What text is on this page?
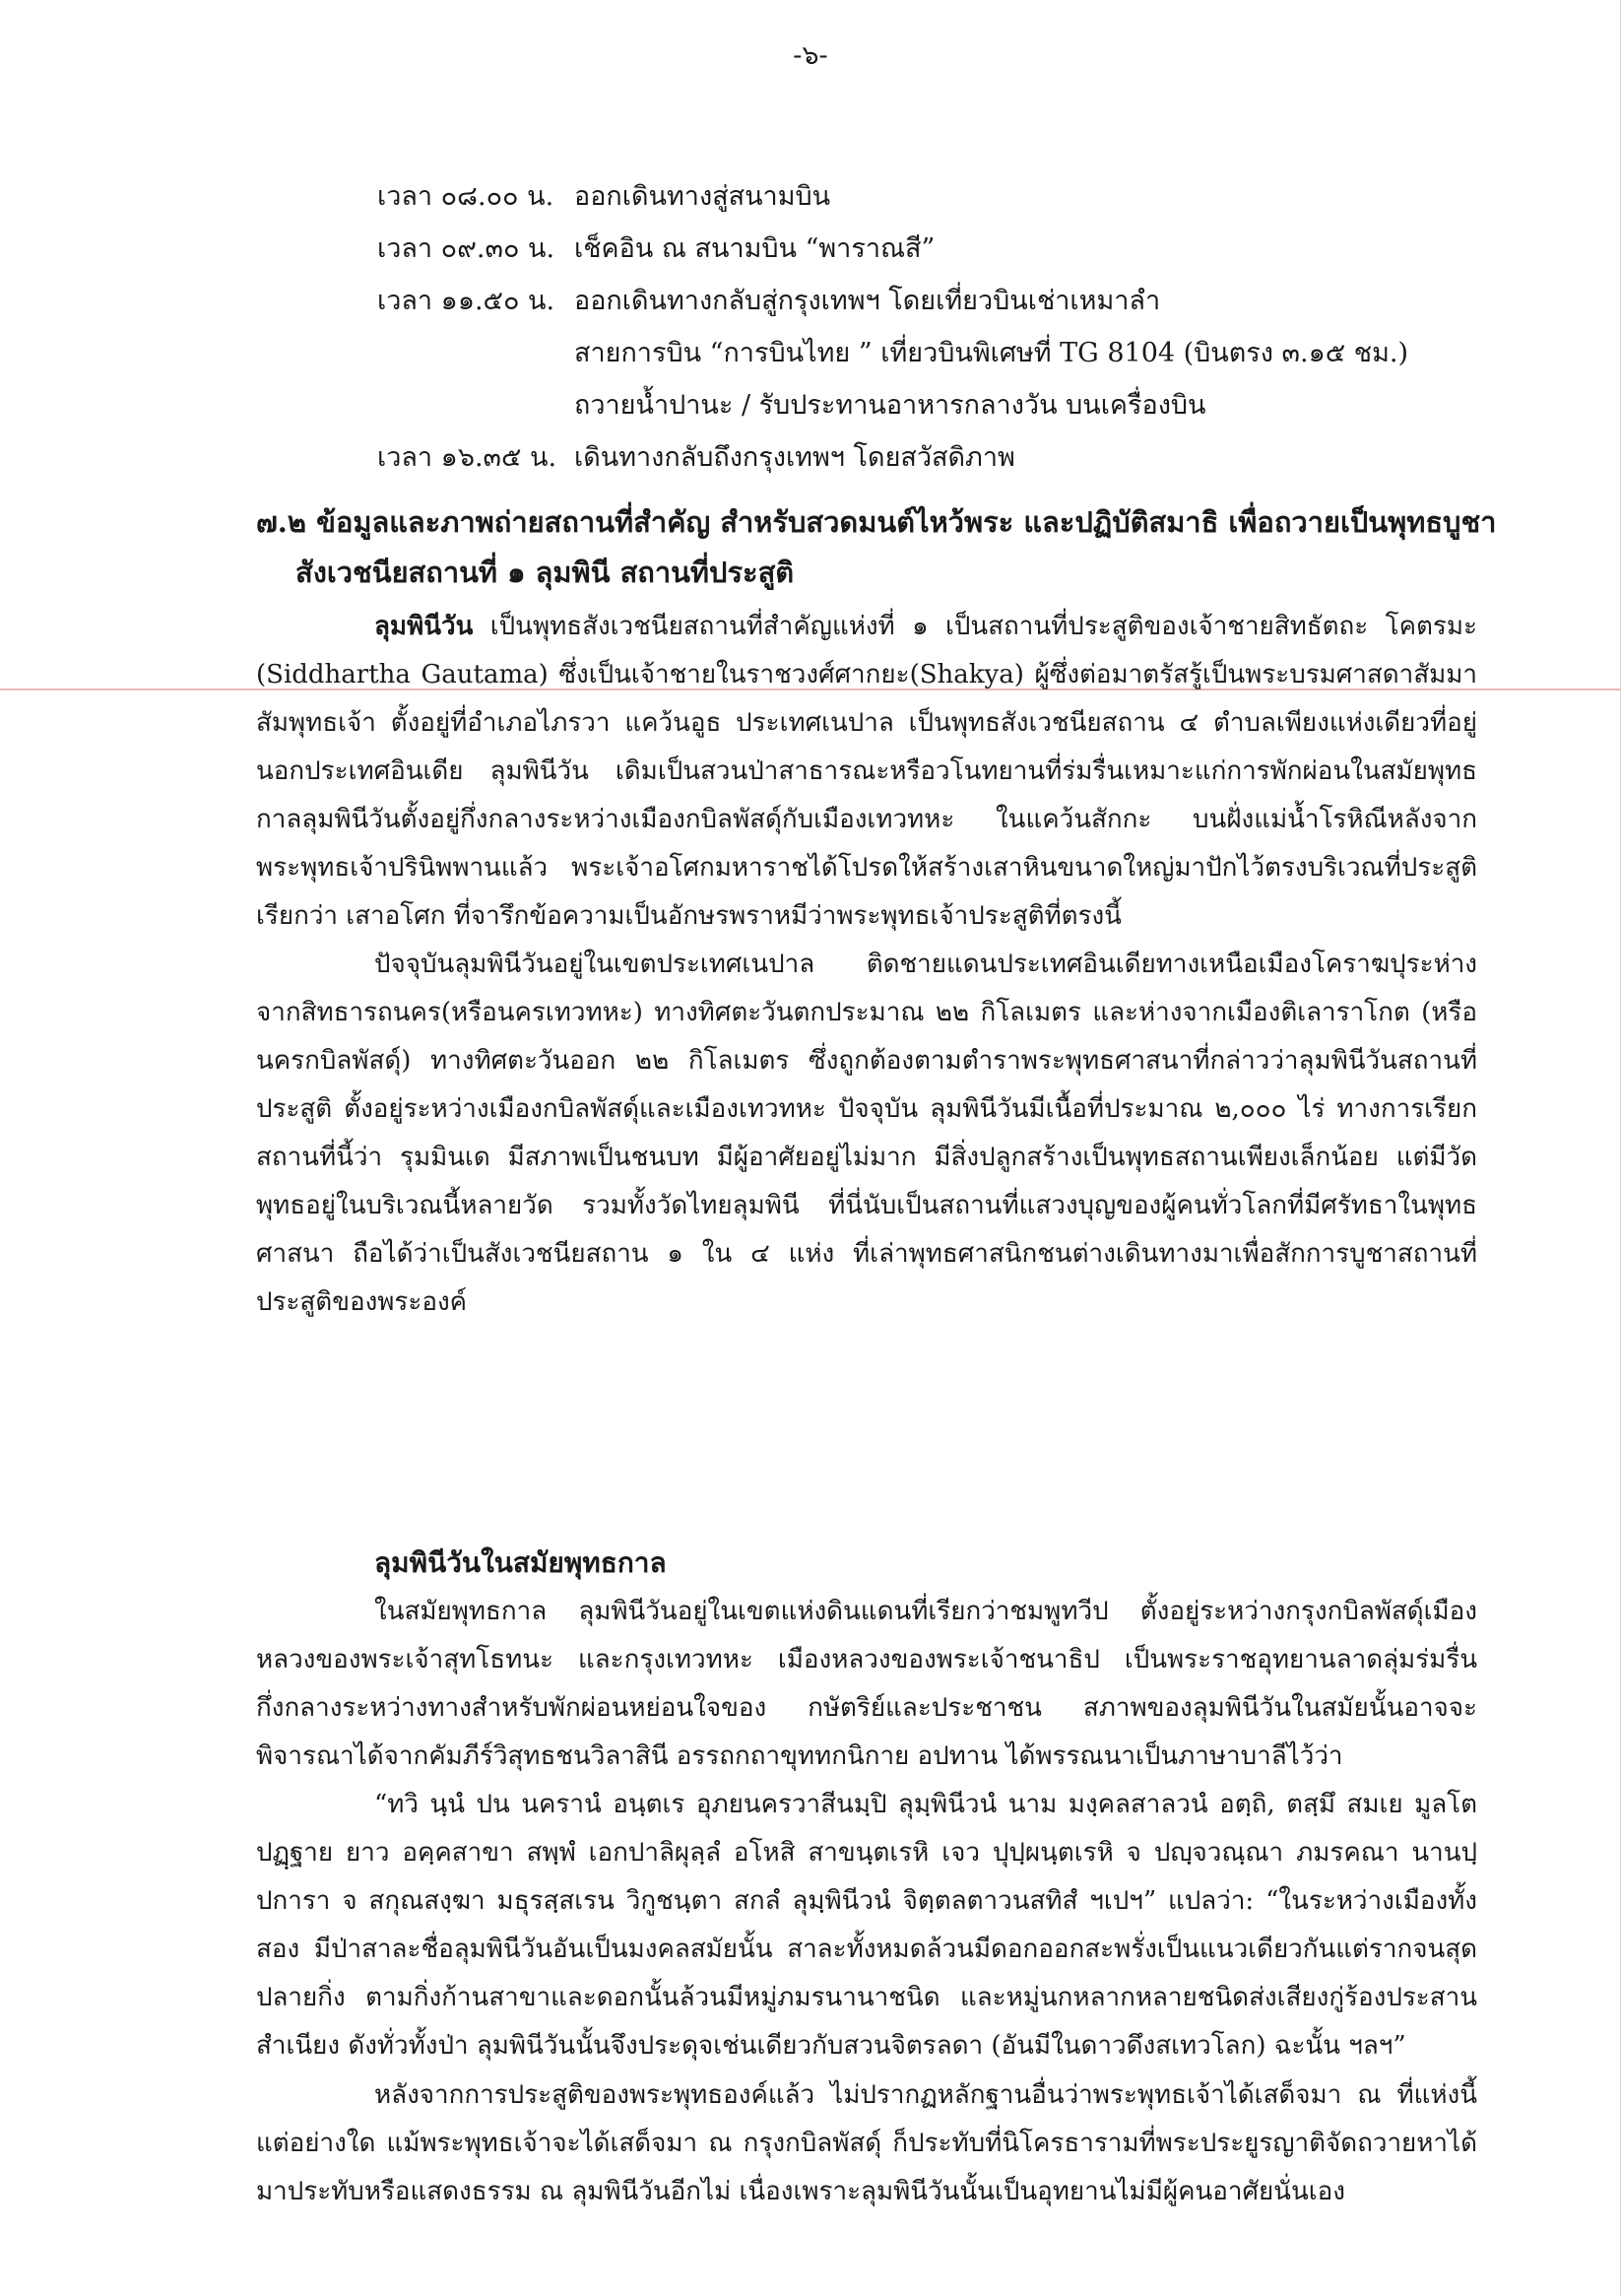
-๖-
เวลา ๐๘.๐๐ น. ออกเดินทางสู่สนามบิน
เวลา ๐๙.๓๐ น. เช็คอิน ณ สนามบิน “พาราณสี”
เวลา ๑๑.๕๐ น. ออกเดินทางกลับสู่กรุงเทพฯ โดยเที่ยวบินเช่าเหมาลำ
สายการบิน “การบินไทย ” เที่ยวบินพิเศษที่ TG 8104 (บินตรง ๓.๑๕ ชม.)
ถวายน้ำปานะ / รับประทานอาหารกลางวัน บนเครื่องบิน
เวลา ๑๖.๓๕ น. เดินทางกลับถึงกรุงเทพฯ โดยสวัสดิภาพ
๗.๒ ข้อมูลและภาพถ่ายสถานที่สำคัญ สำหรับสวดมนต์ไหว้พระ และปฏิบัติสมาธิ เพื่อถวายเป็นพุทธบูชา
สังเวชนียสถานที่ ๑ ลุมพินี สถานที่ประสูติ
ลุมพินีวัน เป็นพุทธสังเวชนียสถานที่สำคัญแห่งที่ ๑ เป็นสถานที่ประสูติของเจ้าชายสิทธัตถะ โคตรมะ (Siddhartha Gautama) ซึ่งเป็นเจ้าชายในราชวงศ์ศากยะ(Shakya) ผู้ซึ่งต่อมาตรัสรู้เป็นพระบรมศาสดาสัมมาสัมพุทธเจ้า ตั้งอยู่ที่อำเภอไภรวา แคว้นอูธ ประเทศเนปาล เป็นพุทธสังเวชนียสถาน ๔ ตำบลเพียงแห่งเดียวที่อยู่นอกประเทศอินเดีย ลุมพินีวัน เดิมเป็นสวนป่าสาธารณะหรือวโนทยานที่ร่มรื่นเหมาะแก่การพักผ่อนในสมัยพุทธกาลลุมพินีวันตั้งอยู่กึ่งกลางระหว่างเมืองกบิลพัสดุ์กับเมืองเทวทหะ ในแคว้นสักกะ บนฝั่งแม่น้ำโรหิณีหลังจากพระพุทธเจ้าปรินิพพานแล้ว พระเจ้าอโศกมหาราชได้โปรดให้สร้างเสาหินขนาดใหญ่มาปักไว้ตรงบริเวณที่ประสูติ เรียกว่า เสาอโศก ที่จารึกข้อความเป็นอักษรพราหมีว่าพระพุทธเจ้าประสูติที่ตรงนี้
ปัจจุบันลุมพินีวันอยู่ในเขตประเทศเนปาล ติดชายแดนประเทศอินเดียทางเหนือเมืองโคราฆปุระห่างจากสิทธารถนคร(หรือนครเทวทหะ) ทางทิศตะวันตกประมาณ ๒๒ กิโลเมตร และห่างจากเมืองติเลาราโกต (หรือนครกบิลพัสดุ์) ทางทิศตะวันออก ๒๒ กิโลเมตร ซึ่งถูกต้องตามตำราพระพุทธศาสนาที่กล่าวว่าลุมพินีวันสถานที่ประสูติ ตั้งอยู่ระหว่างเมืองกบิลพัสดุ์และเมืองเทวทหะ ปัจจุบัน ลุมพินีวันมีเนื้อที่ประมาณ ๒,๐๐๐ ไร่ ทางการเรียกสถานที่นี้ว่า รุมมินเด มีสภาพเป็นชนบท มีผู้อาศัยอยู่ไม่มาก มีสิ่งปลูกสร้างเป็นพุทธสถานเพียงเล็กน้อย แต่มีวัดพุทธอยู่ในบริเวณนี้หลายวัด รวมทั้งวัดไทยลุมพินี ที่นี่นับเป็นสถานที่แสวงบุญของผู้คนทั่วโลกที่มีศรัทธาในพุทธศาสนา ถือได้ว่าเป็นสังเวชนียสถาน ๑ ใน ๔ แห่ง ที่เล่าพุทธศาสนิกชนต่างเดินทางมาเพื่อสักการบูชาสถานที่ประสูติของพระองค์
ลุมพินีวันในสมัยพุทธกาล
ในสมัยพุทธกาล ลุมพินีวันอยู่ในเขตแห่งดินแดนที่เรียกว่าชมพูทวีป ตั้งอยู่ระหว่างกรุงกบิลพัสดุ์เมืองหลวงของพระเจ้าสุทโธทนะ และกรุงเทวทหะ เมืองหลวงของพระเจ้าชนาธิป เป็นพระราชอุทยานลาดลุ่มร่มรื่นกึ่งกลางระหว่างทางสำหรับพักผ่อนหย่อนใจของ กษัตริย์และประชาชน สภาพของลุมพินีวันในสมัยนั้นอาจจะพิจารณาได้จากคัมภีร์วิสุทธชนวิลาสินี อรรถกถาขุททกนิกาย อปทาน ได้พรรณนาเป็นภาษาบาลีไว้ว่า
“ทวิ นฺนํ ปน นครานํ อนฺตเร อุภยนครวาสีนมฺปิ ลุมฺพินีวนํ นาม มงฺคลสาลวนํ อตฺถิ, ตสฺมึ สมเย มูลโต ปฏฺฐาย ยาว อคฺคสาขา สพฺพํ เอกปาลิผุลฺลํ อโหสิ สาขนฺตเรหิ เจว ปุปฺผนฺตเรหิ จ ปญฺจวณฺณา ภมรคณา นานปฺปการา จ สกุณสงฺฆา มธุรสฺสเรน วิกูชนฺตา สกลํ ลุมฺพินีวนํ จิตฺตลตาวนสทิสํ ฯเปฯ” แปลว่า: “ในระหว่างเมืองทั้งสอง มีป่าสาละชื่อลุมพินีวันอันเป็นมงคลสมัยนั้น สาละทั้งหมดล้วนมีดอกออกสะพรั่งเป็นแนวเดียวกันแต่รากจนสุดปลายกิ่ง ตามกิ่งก้านสาขาและดอกนั้นล้วนมีหมู่ภมรนานาชนิด และหมู่นกหลากหลายชนิดส่งเสียงกู่ร้องประสานสำเนียง ดังทั่วทั้งป่า ลุมพินีวันนั้นจึงประดุจเช่นเดียวกับสวนจิตรลดา (อันมีในดาวดึงสเทวโลก) ฉะนั้น ฯลฯ”
หลังจากการประสูติของพระพุทธองค์แล้ว ไม่ปรากฏหลักฐานอื่นว่าพระพุทธเจ้าได้เสด็จมา ณ ที่แห่งนี้แต่อย่างใด แม้พระพุทธเจ้าจะได้เสด็จมา ณ กรุงกบิลพัสดุ์ ก็ประทับที่นิโครธารามที่พระประยูรญาติจัดถวายหาได้มาประทับหรือแสดงธรรม ณ ลุมพินีวันอีกไม่ เนื่องเพราะลุมพินีวันนั้นเป็นอุทยานไม่มีผู้คนอาศัยนั่นเอง
